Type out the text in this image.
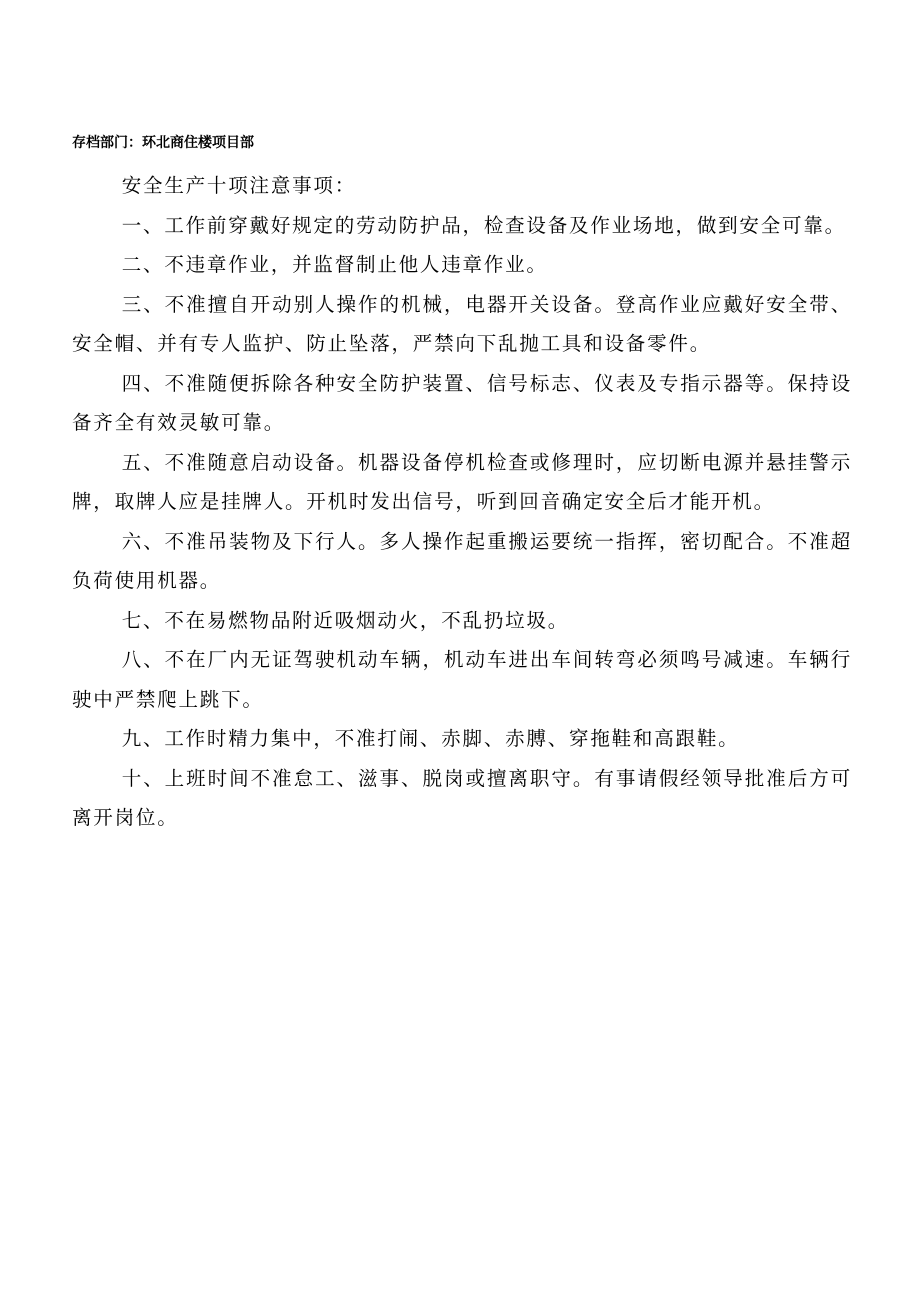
存档部门：环北商住楼项目部

安全生产十项注意事项：

一、工作前穿戴好规定的劳动防护品，检查设备及作业场地，做到安全可靠。

二、不违章作业，并监督制止他人违章作业。

三、不准擅自开动别人操作的机械，电器开关设备。登高作业应戴好安全带、安全帽、并有专人监护、防止坠落，严禁向下乱抛工具和设备零件。

四、不准随便拆除各种安全防护装置、信号标志、仪表及专指示器等。保持设备齐全有效灵敏可靠。

五、不准随意启动设备。机器设备停机检查或修理时，应切断电源并悬挂警示牌，取牌人应是挂牌人。开机时发出信号，听到回音确定安全后才能开机。

六、不准吊装物及下行人。多人操作起重搬运要统一指挥，密切配合。不准超负荷使用机器。

七、不在易燃物品附近吸烟动火，不乱扔垃圾。

八、不在厂内无证驾驶机动车辆，机动车进出车间转弯必须鸣号减速。车辆行驶中严禁爬上跳下。

九、工作时精力集中，不准打闹、赤脚、赤膊、穿拖鞋和高跟鞋。

十、上班时间不准怠工、滋事、脱岗或擅离职守。有事请假经领导批准后方可离开岗位。
